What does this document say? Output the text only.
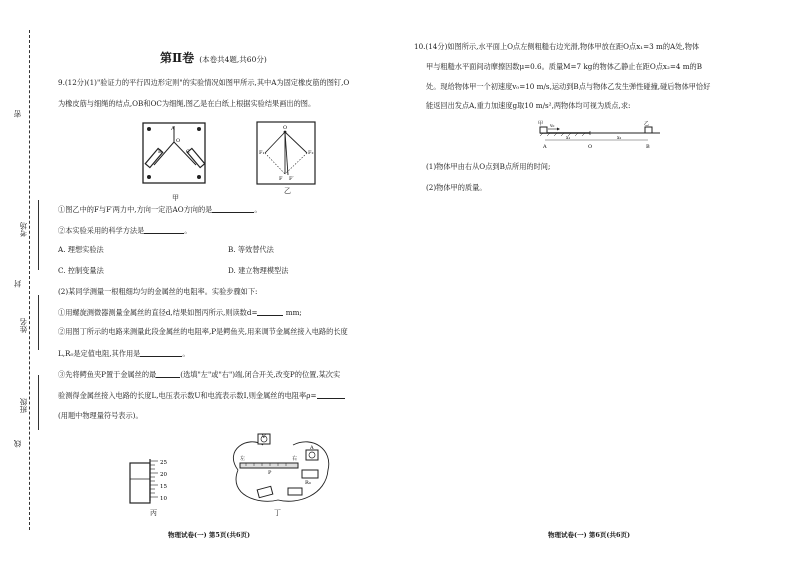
密
封
线
考场
姓名
班级
第Ⅱ卷 (本卷共4题,共60分)
9.(12分)(1)"验证力的平行四边形定则"的实验情况如图甲所示,其中A为固定橡皮筋的图钉,O
为橡皮筋与细绳的结点,OB和OC为细绳,图乙是在白纸上根据实验结果画出的图。
A
O
B	C
甲
O
F₁	F₂
F F′
乙
①图乙中的F与F′两力中,方向一定沿AO方向的是	。
②本实验采用的科学方法是	。
A. 理想实验法	B. 等效替代法
C. 控制变量法	D. 建立物理模型法
(2)某同学测量一根粗细均匀的金属丝的电阻率。实验步骤如下:
①用螺旋测微器测量金属丝的直径d,结果如图丙所示,则读数d=	mm;
②用图丁所示的电路来测量此段金属丝的电阻率,P是鳄鱼夹,用来调节金属丝接入电路的长度
L,R₀是定值电阻,其作用是	。
③先将鳄鱼夹P置于金属丝的最	(选填"左"或"右")端,闭合开关,改变P的位置,某次实
验测得金属丝接入电路的长度L,电压表示数U和电流表示数I,则金属丝的电阻率ρ=
(用题中物理量符号表示)。
25
20
15
10
丙
左	右
P
V
A
R₀
丁
物理试卷(一) 第5页(共6页)
10.(14分)如图所示,水平面上O点左侧粗糙右边光滑,物体甲放在距O点x₁=3 m的A处,物体
甲与粗糙水平面间动摩擦因数μ=0.6。质量M=7 kg的物体乙静止在距O点x₂=4 m的B
处。现给物体甲一个初速度v₀=10 m/s,运动到B点与物体乙发生弹性碰撞,碰后物体甲恰好
能返回出发点A,重力加速度g取10 m/s²,两物体均可视为质点,求:
甲	乙
v₀
A	O	B
x₁	x₂
(1)物体甲由右从O点到B点所用的时间;
(2)物体甲的质量。
物理试卷(一) 第6页(共6页)
